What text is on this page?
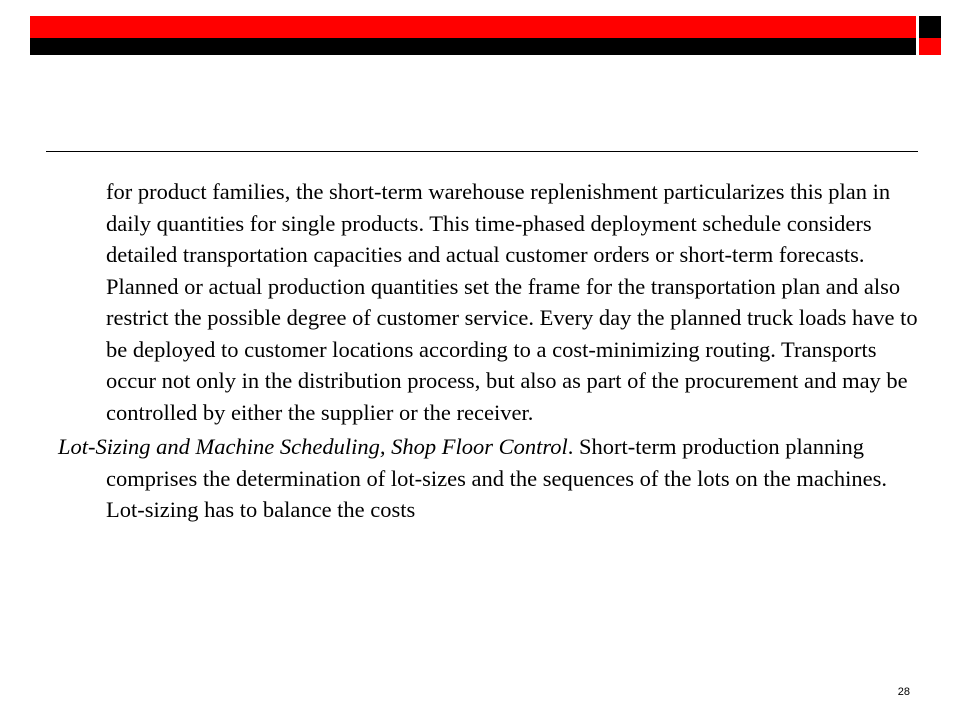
for product families, the short-term warehouse replenishment particularizes this plan in daily quantities for single products. This time-phased deployment schedule considers detailed transportation capacities and actual customer orders or short-term forecasts. Planned or actual production quantities set the frame for the transportation plan and also restrict the possible degree of customer service. Every day the planned truck loads have to be deployed to customer locations according to a cost-minimizing routing. Transports occur not only in the distribution process, but also as part of the procurement and may be controlled by either the supplier or the receiver.

Lot-Sizing and Machine Scheduling, Shop Floor Control. Short-term production planning comprises the determination of lot-sizes and the sequences of the lots on the machines. Lot-sizing has to balance the costs

28
